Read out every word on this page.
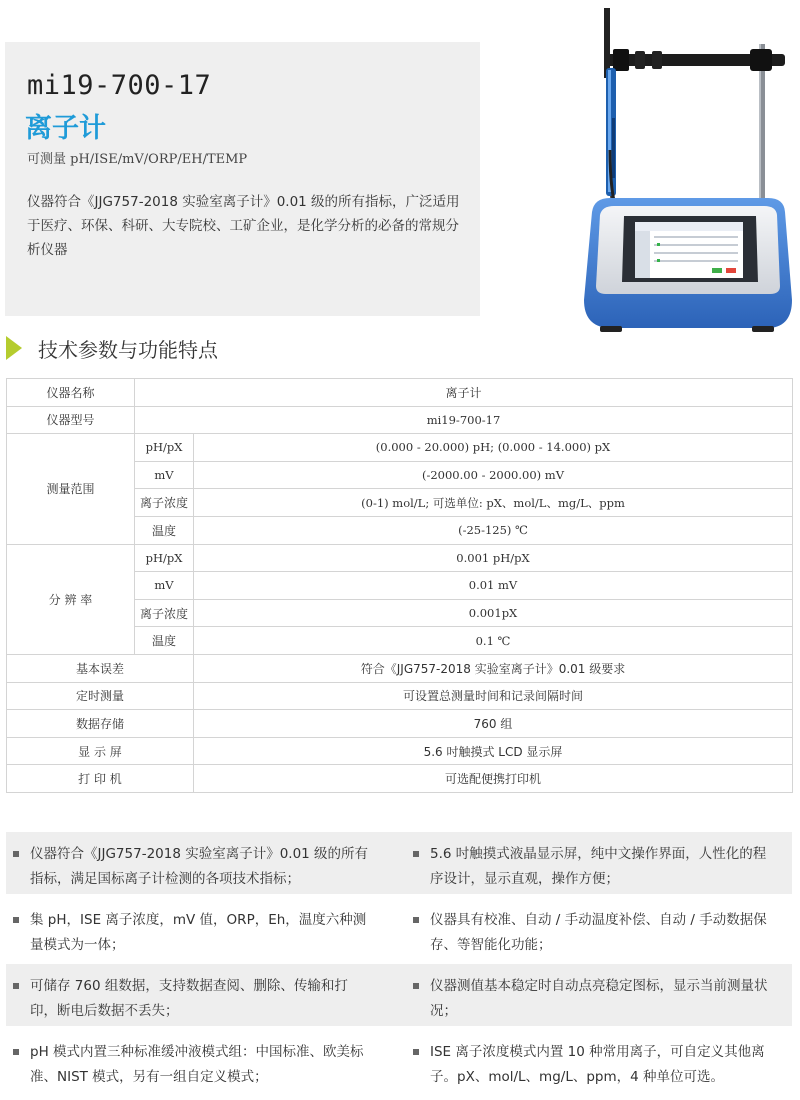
mi19-700-17
离子计
可测量 pH/ISE/mV/ORP/EH/TEMP
仪器符合《JJG757-2018 实验室离子计》0.01 级的所有指标，广泛适用于医疗、环保、科研、大专院校、工矿企业，是化学分析的必备的常规分析仪器
技术参数与功能特点
仪器名称	离子计	
仪器型号	mi19-700-17	
测量范围	pH/pX	(0.000 - 20.000) pH; (0.000 - 14.000) pX
	mV	(-2000.00 - 2000.00) mV
	离子浓度	(0-1) mol/L; 可选单位: pX、mol/L、mg/L、ppm
	温度	(-25-125) ℃
分 辨 率	pH/pX	0.001 pH/pX
	mV	0.01 mV
	离子浓度	0.001pX
	温度	0.1 ℃
基本误差		符合《JJG757-2018 实验室离子计》0.01 级要求
定时测量		可设置总测量时间和记录间隔时间
数据存储		760 组
显 示 屏		5.6 吋触摸式 LCD 显示屏
打 印 机		可选配便携打印机
仪器符合《JJG757-2018 实验室离子计》0.01 级的所有指标，满足国标离子计检测的各项技术指标；
5.6 吋触摸式液晶显示屏，纯中文操作界面，人性化的程序设计，显示直观，操作方便；
集 pH，ISE 离子浓度，mV 值，ORP，Eh，温度六种测量模式为一体；
仪器具有校准、自动 / 手动温度补偿、自动 / 手动数据保存、等智能化功能；
可储存 760 组数据，支持数据查阅、删除、传输和打印，断电后数据不丢失；
仪器测值基本稳定时自动点亮稳定图标，显示当前测量状况；
pH 模式内置三种标准缓冲液模式组：中国标准、欧美标准、NIST 模式，另有一组自定义模式；
ISE 离子浓度模式内置 10 种常用离子，可自定义其他离子。pX、mol/L、mg/L、ppm，4 种单位可选。
